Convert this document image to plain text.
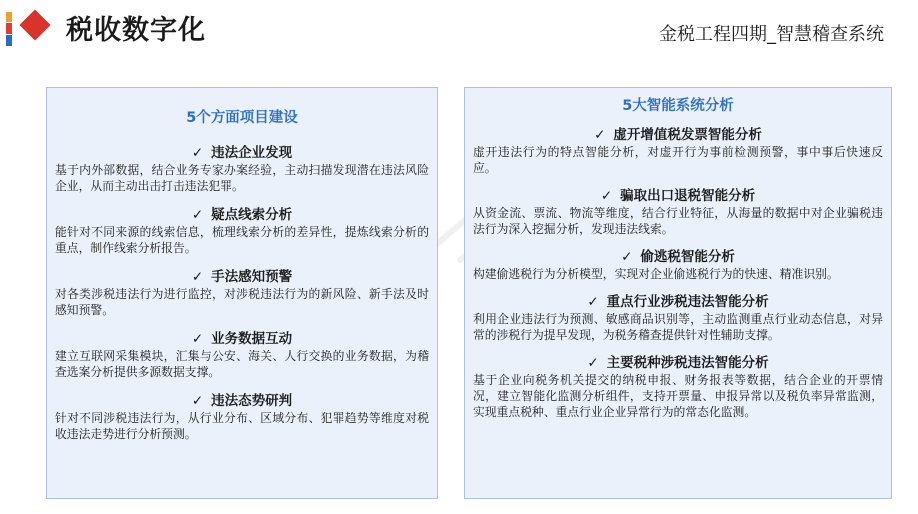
税收数字化	金税工程四期_智慧稽查系统
5个方面项目建设
✓ 违法企业发现
基于内外部数据，结合业务专家办案经验，主动扫描发现潜在违法风险企业，从而主动出击打击违法犯罪。
✓ 疑点线索分析
能针对不同来源的线索信息，梳理线索分析的差异性，提炼线索分析的重点，制作线索分析报告。
✓ 手法感知预警
对各类涉税违法行为进行监控，对涉税违法行为的新风险、新手法及时感知预警。
✓ 业务数据互动
建立互联网采集模块，汇集与公安、海关、人行交换的业务数据，为稽查选案分析提供多源数据支撑。
✓ 违法态势研判
针对不同涉税违法行为，从行业分布、区域分布、犯罪趋势等维度对税收违法走势进行分析预测。
5大智能系统分析
✓ 虚开增值税发票智能分析
虚开违法行为的特点智能分析，对虚开行为事前检测预警，事中事后快速反应。
✓ 骗取出口退税智能分析
从资金流、票流、物流等维度，结合行业特征，从海量的数据中对企业骗税违法行为深入挖掘分析，发现违法线索。
✓ 偷逃税智能分析
构建偷逃税行为分析模型，实现对企业偷逃税行为的快速、精准识别。
✓ 重点行业涉税违法智能分析
利用企业违法行为预测、敏感商品识别等，主动监测重点行业动态信息，对异常的涉税行为提早发现，为税务稽查提供针对性辅助支撑。
✓ 主要税种涉税违法智能分析
基于企业向税务机关提交的纳税申报、财务报表等数据，结合企业的开票情况，建立智能化监测分析组件，支持开票量、申报异常以及税负率异常监测，实现重点税种、重点行业企业异常行为的常态化监测。
